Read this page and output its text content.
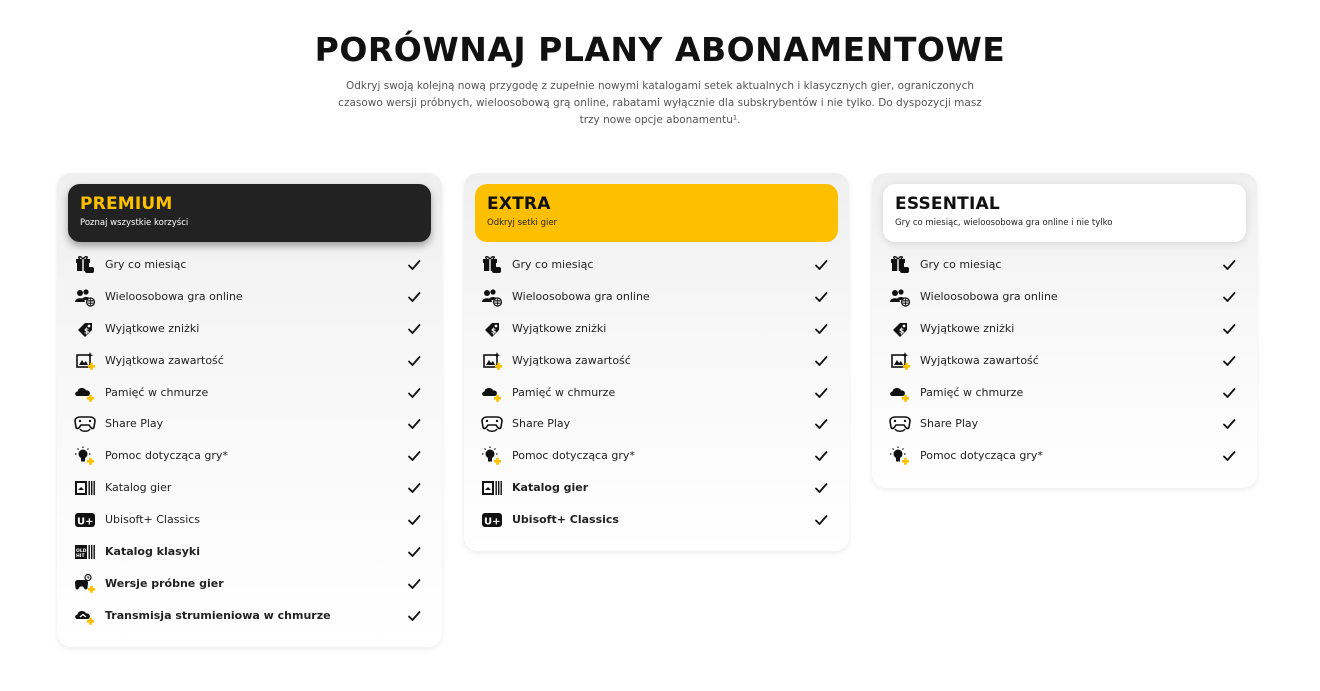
PORÓWNAJ PLANY ABONAMENTOWE

Odkryj swoją kolejną nową przygodę z zupełnie nowymi katalogami setek aktualnych i klasycznych gier, ograniczonych
czasowo wersji próbnych, wieloosobową grą online, rabatami wyłącznie dla subskrybentów i nie tylko. Do dyspozycji masz
trzy nowe opcje abonamentu¹.

PREMIUM
Poznaj wszystkie korzyści
Gry co miesiąc
Wieloosobowa gra online
$ Wyjątkowe zniżki
Wyjątkowa zawartość
Pamięć w chmurze
Share Play
Pomoc dotycząca gry*
Katalog gier
U+ Ubisoft+ Classics
OLD
HIT Katalog klasyki
Wersje próbne gier
Transmisja strumieniowa w chmurze
EXTRA
Odkryj setki gier
Gry co miesiąc
Wieloosobowa gra online
$ Wyjątkowe zniżki
Wyjątkowa zawartość
Pamięć w chmurze
Share Play
Pomoc dotycząca gry*
Katalog gier
U+ Ubisoft+ Classics
ESSENTIAL
Gry co miesiąc, wieloosobowa gra online i nie tylko
Gry co miesiąc
Wieloosobowa gra online
$ Wyjątkowe zniżki
Wyjątkowa zawartość
Pamięć w chmurze
Share Play
Pomoc dotycząca gry*
